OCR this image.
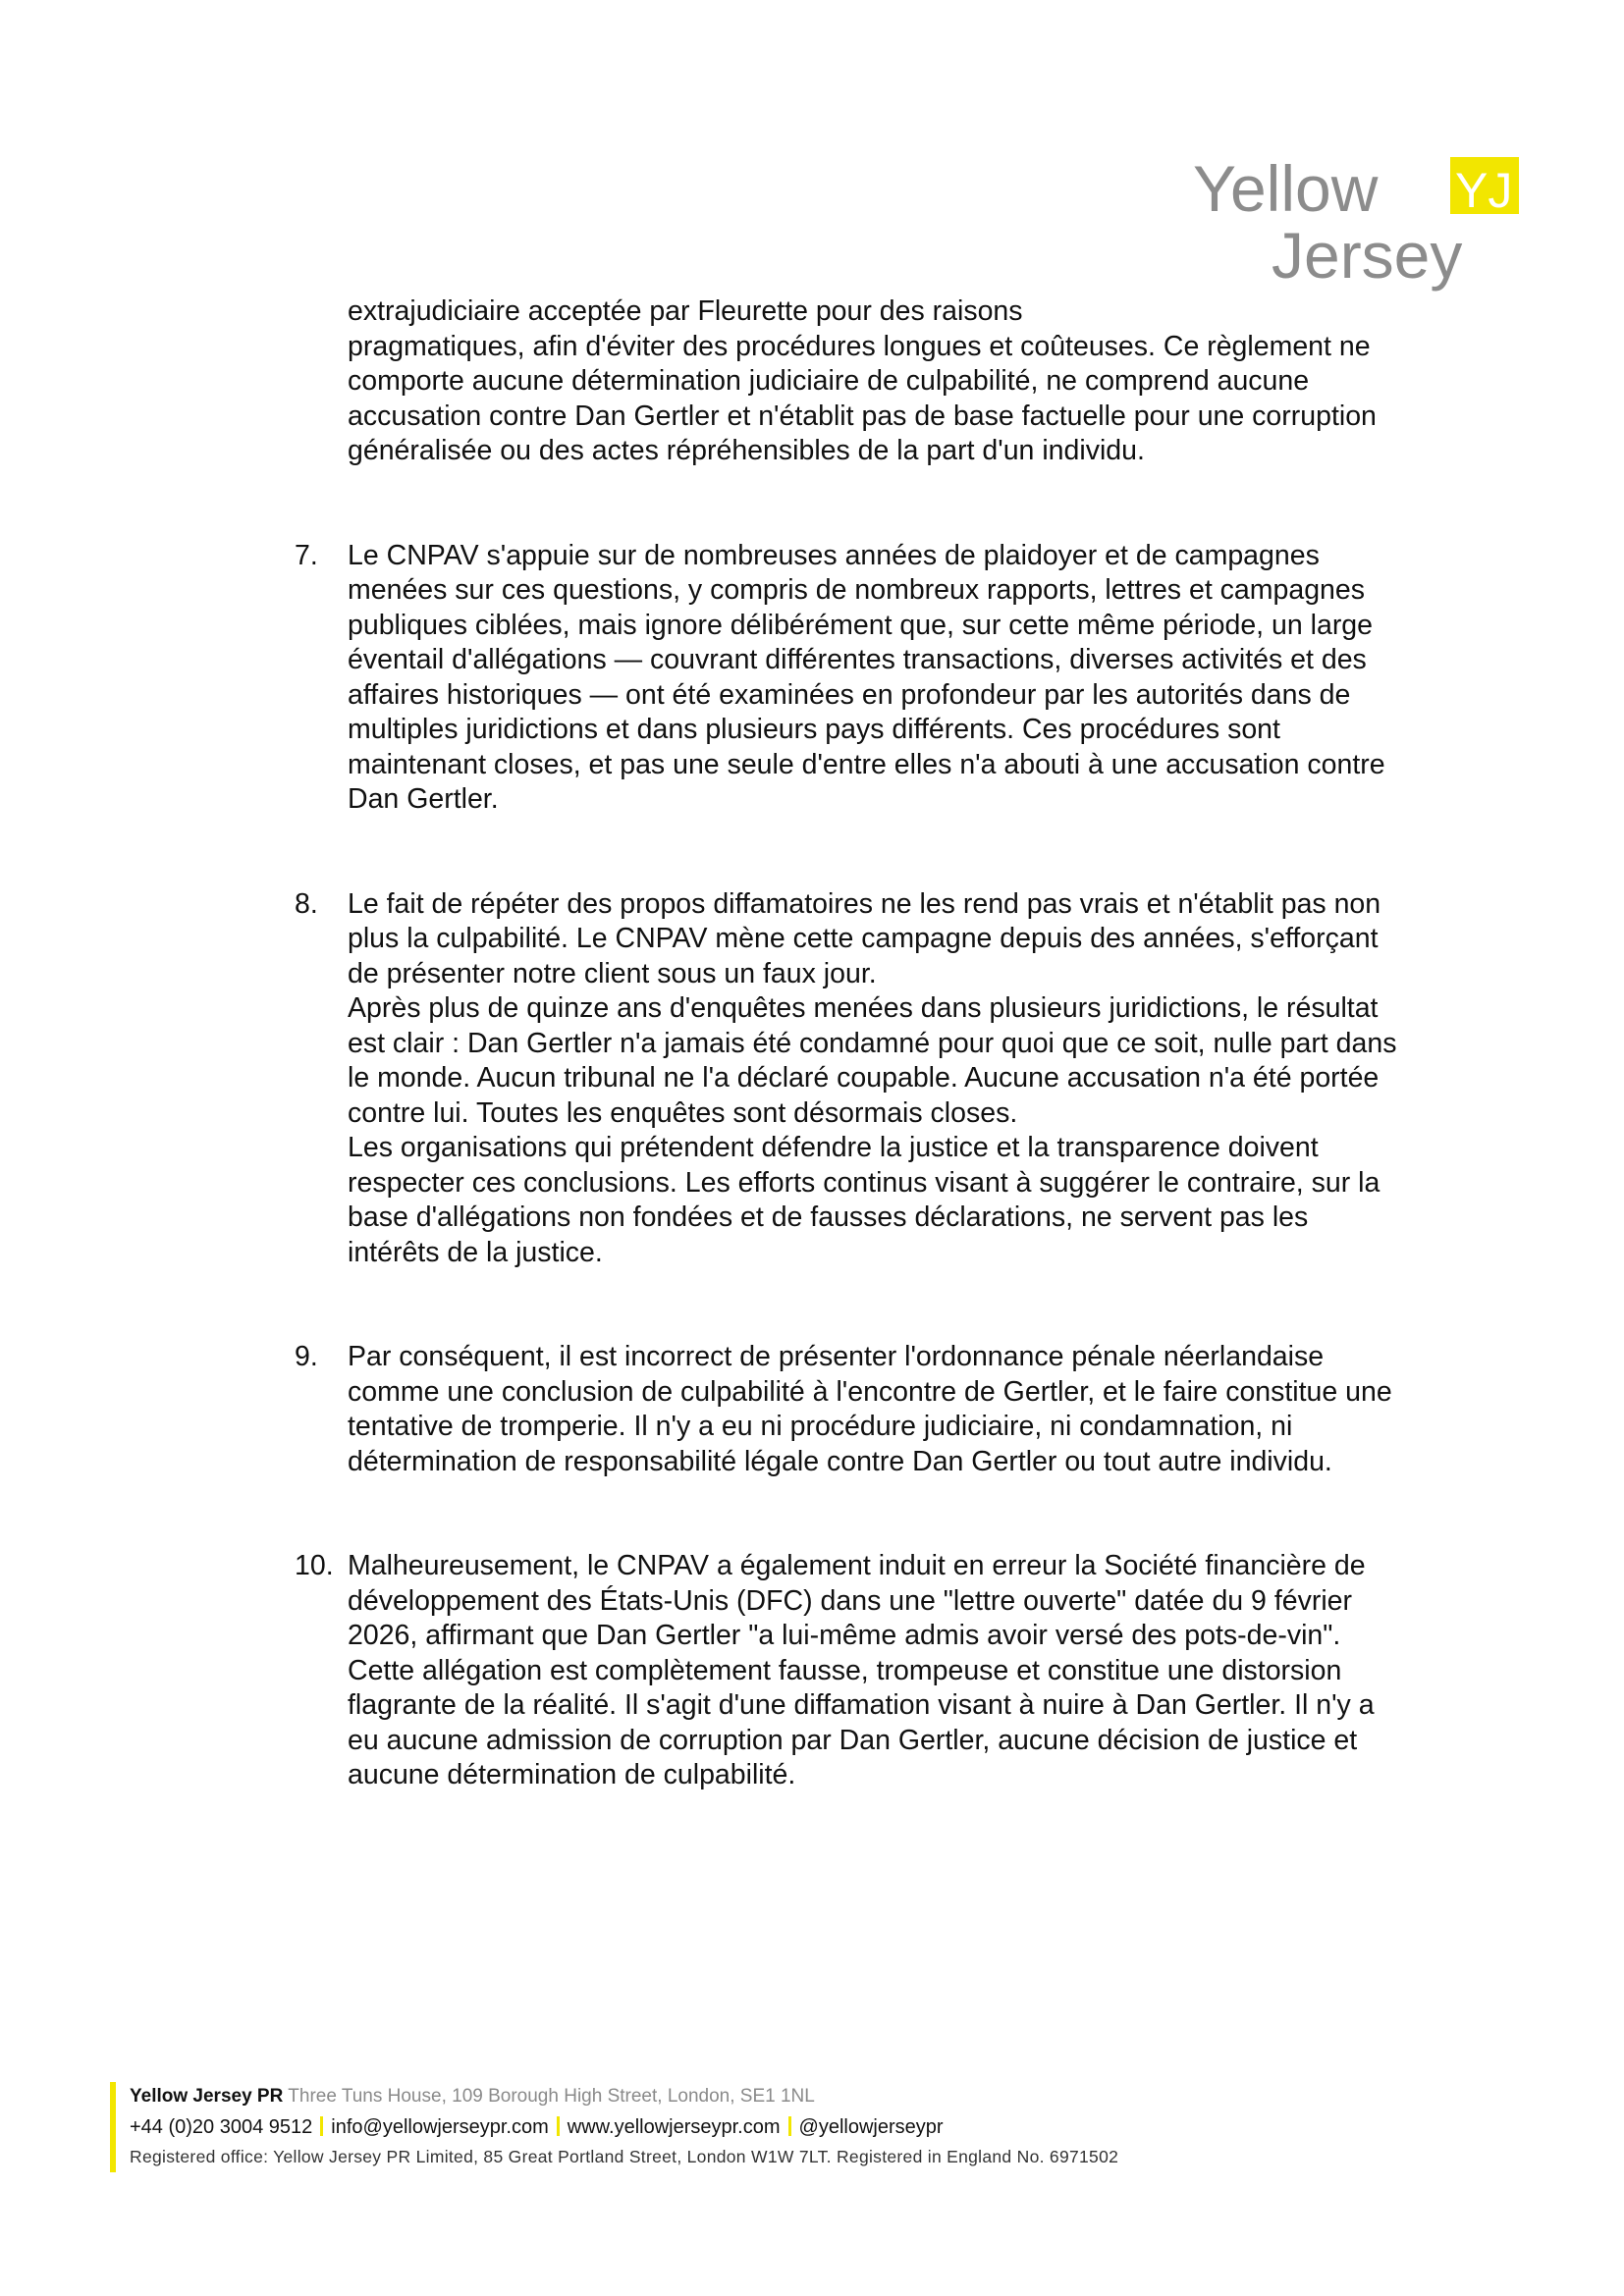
Yellow YJ
Jersey

extrajudiciaire acceptée par Fleurette pour des raisons

pragmatiques, afin d'éviter des procédures longues et coûteuses. Ce règlement ne comporte aucune détermination judiciaire de culpabilité, ne comprend aucune accusation contre Dan Gertler et n'établit pas de base factuelle pour une corruption généralisée ou des actes répréhensibles de la part d'un individu.

7.	Le CNPAV s'appuie sur de nombreuses années de plaidoyer et de campagnes menées sur ces questions, y compris de nombreux rapports, lettres et campagnes publiques ciblées, mais ignore délibérément que, sur cette même période, un large éventail d'allégations — couvrant différentes transactions, diverses activités et des affaires historiques — ont été examinées en profondeur par les autorités dans de multiples juridictions et dans plusieurs pays différents. Ces procédures sont maintenant closes, et pas une seule d'entre elles n'a abouti à une accusation contre Dan Gertler.

8.	Le fait de répéter des propos diffamatoires ne les rend pas vrais et n'établit pas non plus la culpabilité. Le CNPAV mène cette campagne depuis des années, s'efforçant de présenter notre client sous un faux jour.

Après plus de quinze ans d'enquêtes menées dans plusieurs juridictions, le résultat est clair : Dan Gertler n'a jamais été condamné pour quoi que ce soit, nulle part dans le monde. Aucun tribunal ne l'a déclaré coupable. Aucune accusation n'a été portée contre lui. Toutes les enquêtes sont désormais closes.

Les organisations qui prétendent défendre la justice et la transparence doivent respecter ces conclusions. Les efforts continus visant à suggérer le contraire, sur la base d'allégations non fondées et de fausses déclarations, ne servent pas les intérêts de la justice.

9.	Par conséquent, il est incorrect de présenter l'ordonnance pénale néerlandaise comme une conclusion de culpabilité à l'encontre de Gertler, et le faire constitue une tentative de tromperie. Il n'y a eu ni procédure judiciaire, ni condamnation, ni détermination de responsabilité légale contre Dan Gertler ou tout autre individu.

10. Malheureusement, le CNPAV a également induit en erreur la Société financière de développement des États-Unis (DFC) dans une "lettre ouverte" datée du 9 février 2026, affirmant que Dan Gertler "a lui-même admis avoir versé des pots-de-vin". Cette allégation est complètement fausse, trompeuse et constitue une distorsion flagrante de la réalité. Il s'agit d'une diffamation visant à nuire à Dan Gertler. Il n'y a eu aucune admission de corruption par Dan Gertler, aucune décision de justice et aucune détermination de culpabilité.

Yellow Jersey PR Three Tuns House, 109 Borough High Street, London, SE1 1NL
+44 (0)20 3004 9512 info@yellowjerseypr.com www.yellowjerseypr.com @yellowjerseypr
Registered office: Yellow Jersey PR Limited, 85 Great Portland Street, London W1W 7LT. Registered in England No. 6971502
